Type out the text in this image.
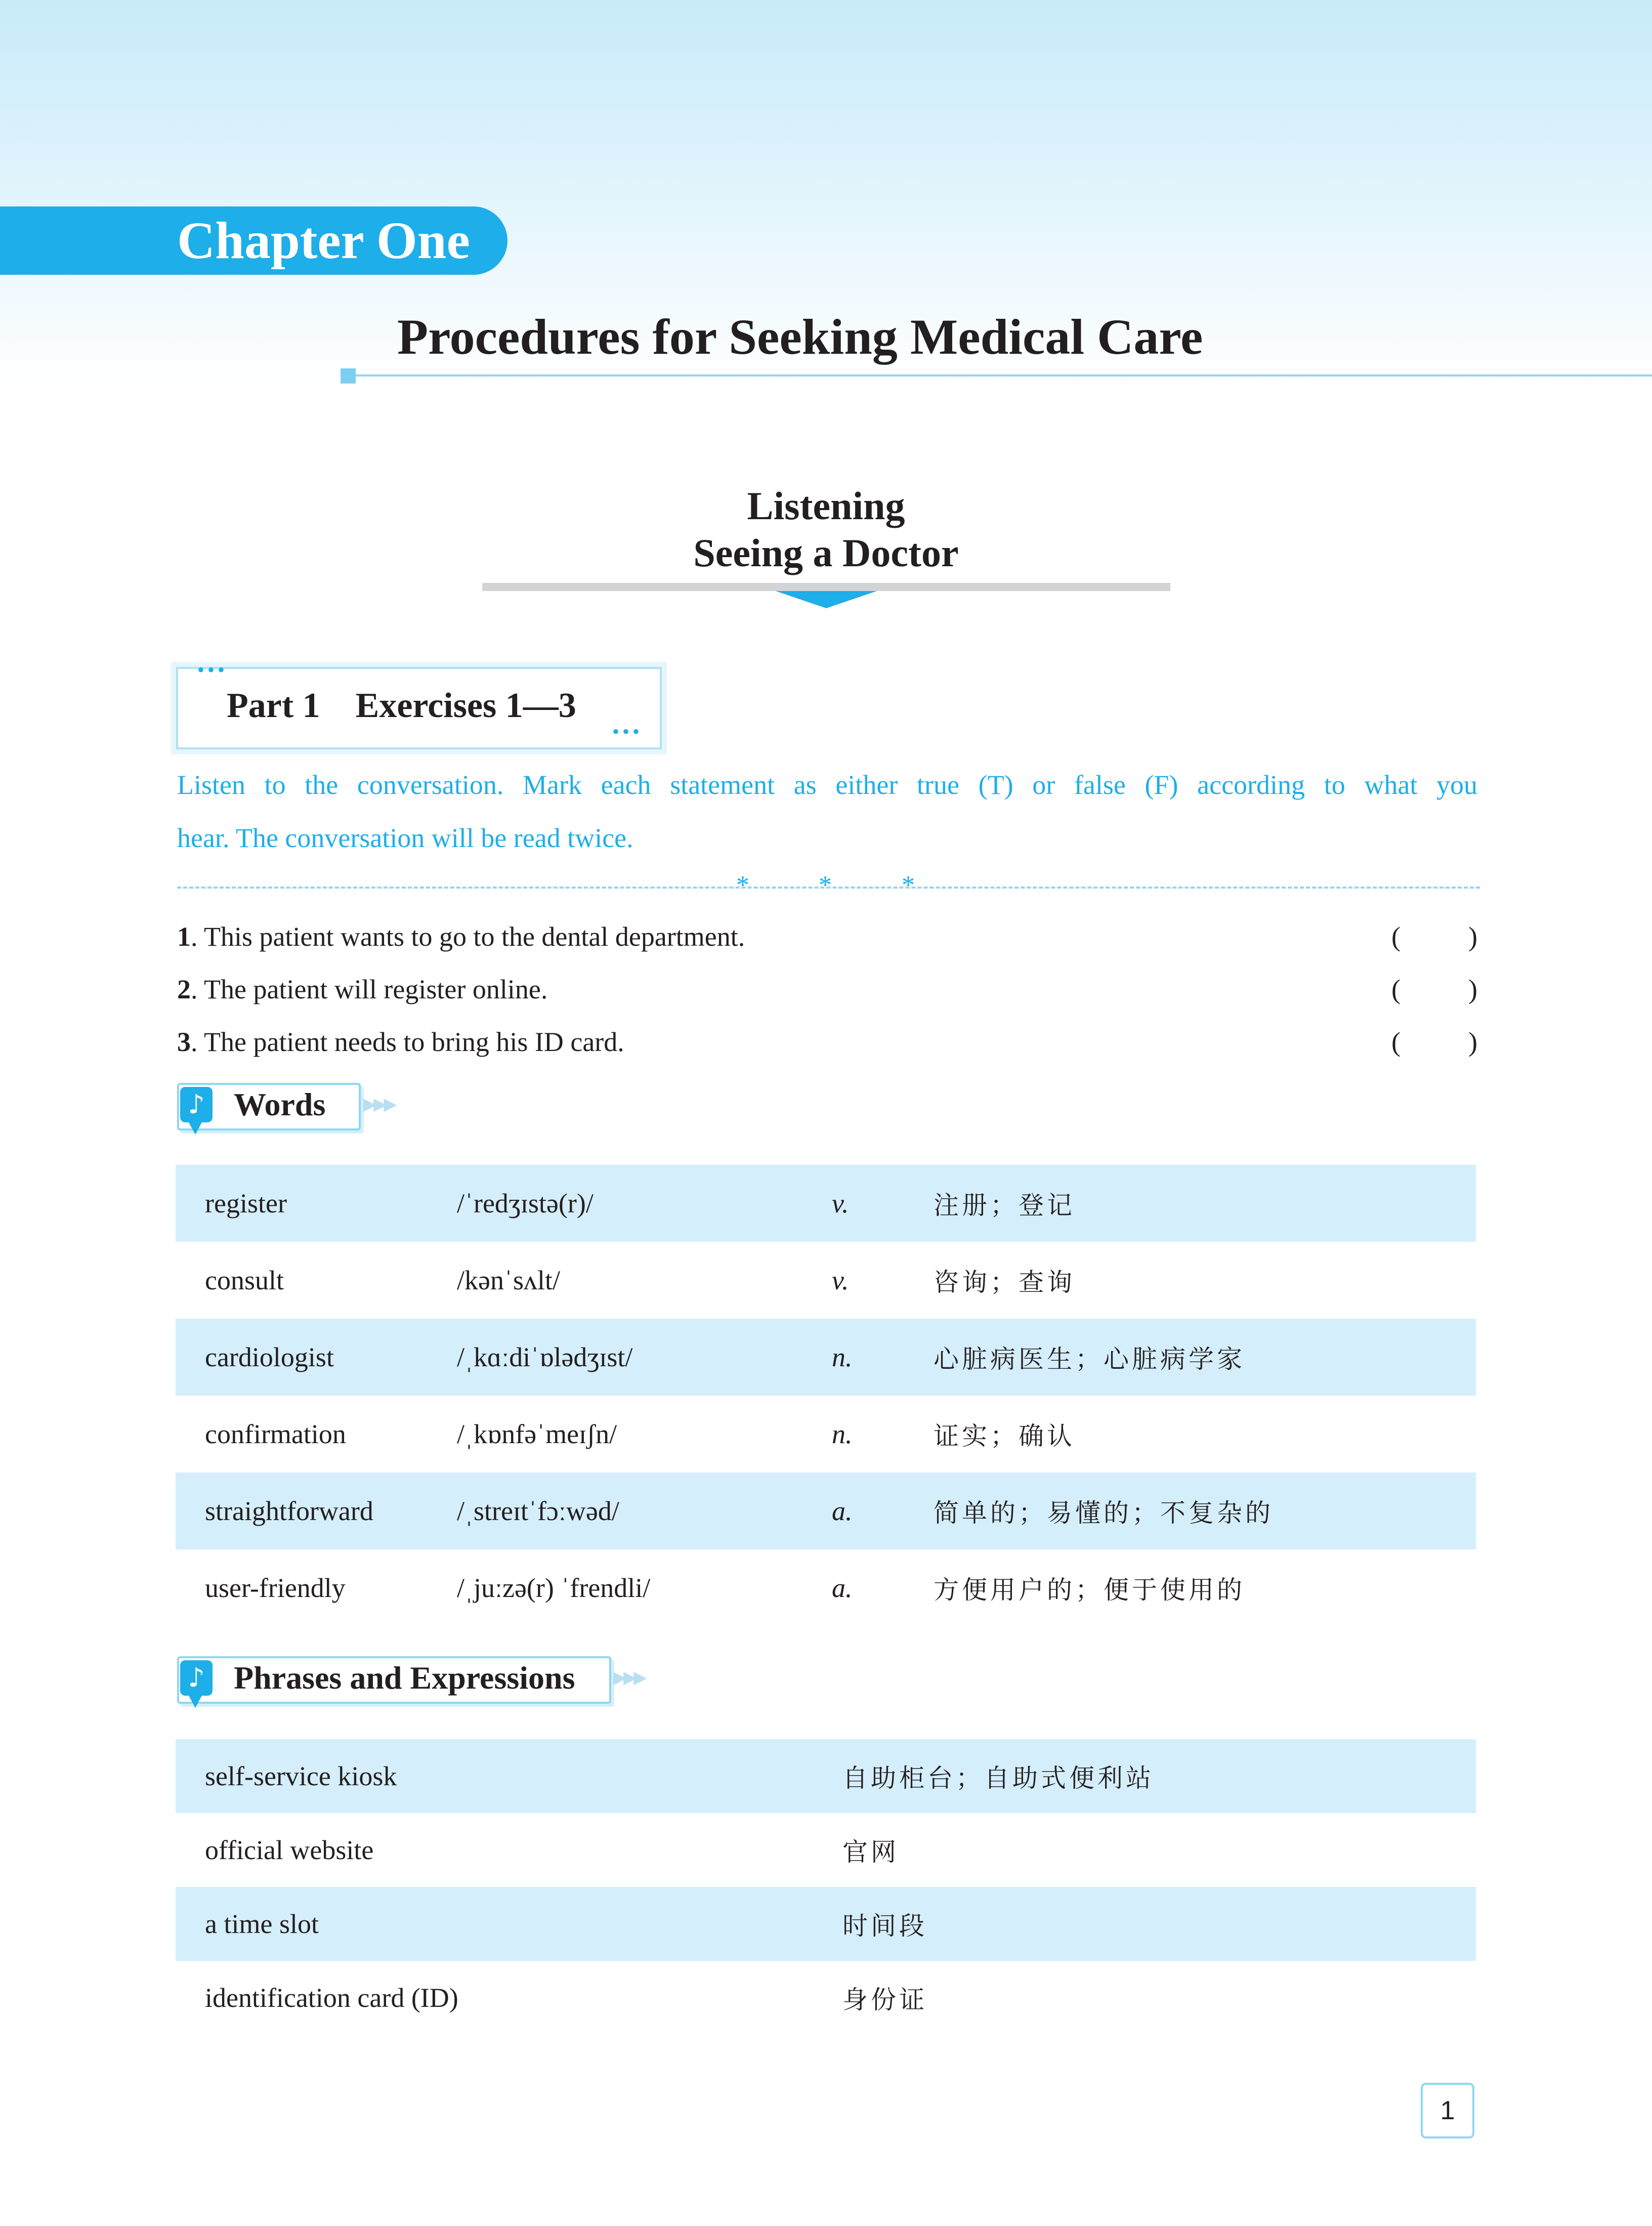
Chapter One
Procedures for Seeking Medical Care
Listening
Seeing a Doctor
•••
•••
Part 1    Exercises 1—3
Listen to the conversation. Mark each statement as either true (T) or false (F) according to what you
hear. The conversation will be read twice.
*	*	*
1. This patient wants to go to the dental department.	( )
2. The patient will register online.	( )
3. The patient needs to bring his ID card.	( )
♪ Words ▶▶▶
register	/ˈredʒɪstə(r)/	v.	注册；登记
consult	/kənˈsʌlt/	v.	咨询；查询
cardiologist	/ˌkɑːdiˈɒlədʒɪst/	n.	心脏病医生；心脏病学家
confirmation	/ˌkɒnfəˈmeɪʃn/	n.	证实；确认
straightforward	/ˌstreɪtˈfɔːwəd/	a.	简单的；易懂的；不复杂的
user-friendly	/ˌjuːzə(r) ˈfrendli/	a.	方便用户的；便于使用的
♪ Phrases and Expressions ▶▶▶
self-service kiosk	自助柜台；自助式便利站
official website	官网
a time slot	时间段
identification card (ID)	身份证
1
